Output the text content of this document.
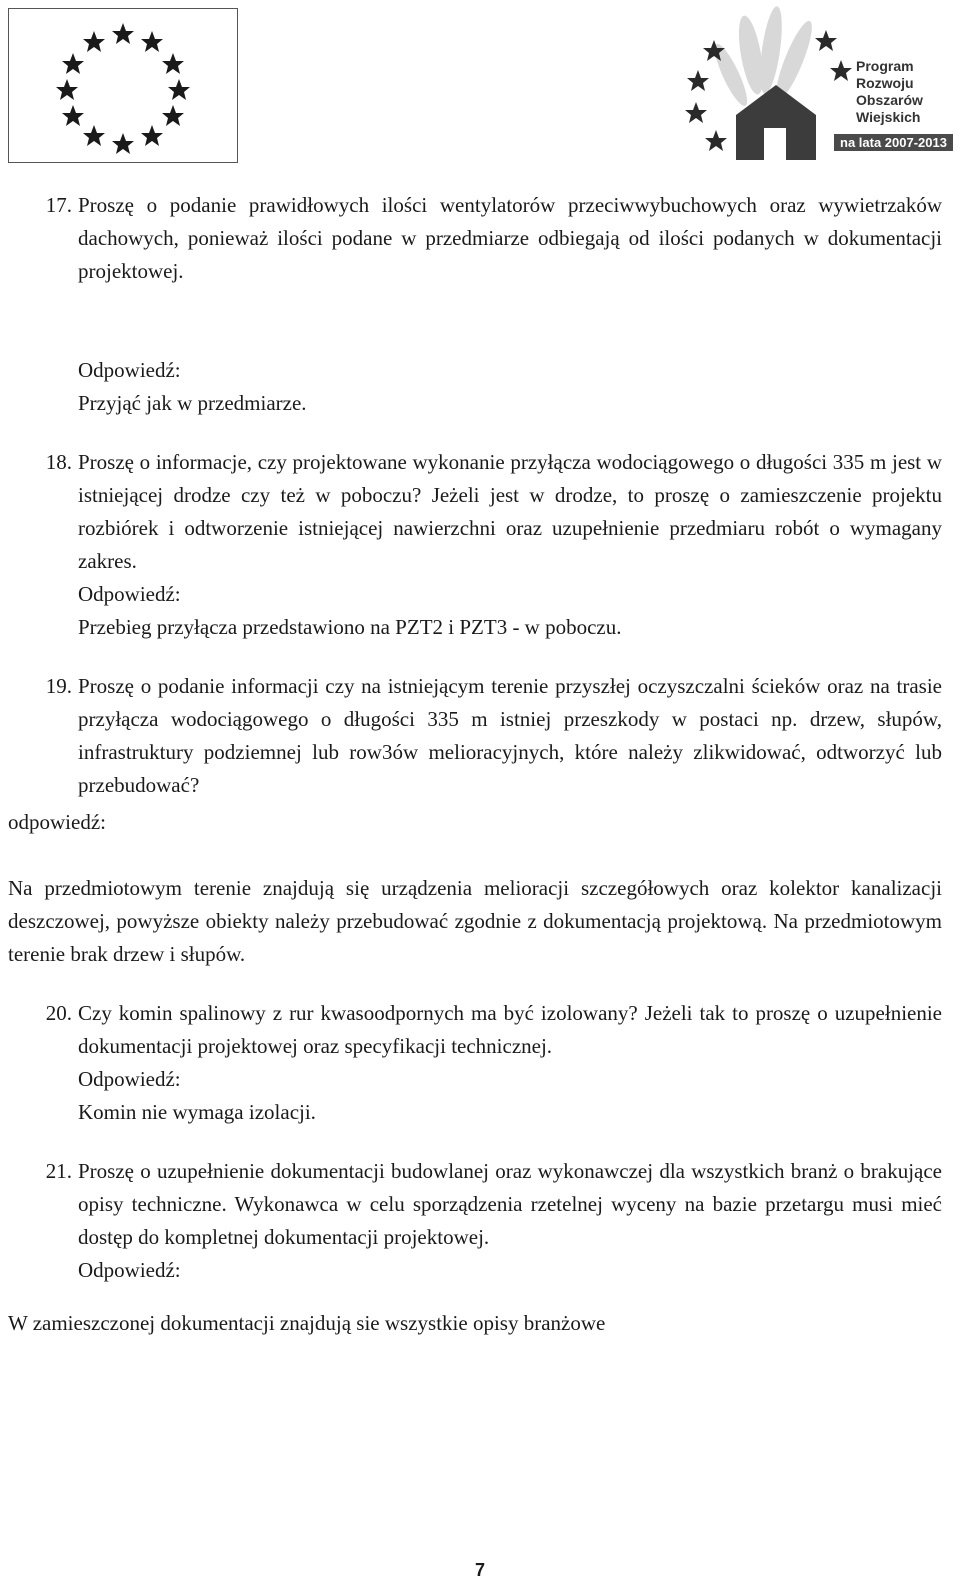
Program
Rozwoju
Obszarów
Wiejskich
na lata 2007-2013
17. Proszę o podanie prawidłowych ilości wentylatorów przeciwwybuchowych oraz wywietrzaków dachowych, ponieważ ilości podane w przedmiarze odbiegają od ilości podanych w dokumentacji projektowej.
Odpowiedź:
Przyjąć jak w przedmiarze.
18. Proszę o informacje, czy projektowane wykonanie przyłącza wodociągowego o długości 335 m jest w istniejącej drodze czy też w poboczu? Jeżeli jest w drodze, to proszę o zamieszczenie projektu rozbiórek i odtworzenie istniejącej nawierzchni oraz uzupełnienie przedmiaru robót o wymagany zakres.
Odpowiedź:
Przebieg przyłącza przedstawiono na PZT2 i PZT3 - w poboczu.
19. Proszę o podanie informacji czy na istniejącym terenie przyszłej oczyszczalni ścieków oraz na trasie przyłącza wodociągowego o długości 335 m istniej przeszkody w postaci np. drzew, słupów, infrastruktury podziemnej lub row3ów melioracyjnych, które należy zlikwidować, odtworzyć lub przebudować?
odpowiedź:
Na przedmiotowym terenie znajdują się urządzenia melioracji szczegółowych oraz kolektor kanalizacji deszczowej, powyższe obiekty należy przebudować zgodnie z dokumentacją projektową. Na przedmiotowym terenie brak drzew i słupów.
20. Czy komin spalinowy z rur kwasoodpornych ma być izolowany? Jeżeli tak to proszę o uzupełnienie dokumentacji projektowej oraz specyfikacji technicznej.
Odpowiedź:
Komin nie wymaga izolacji.
21. Proszę o uzupełnienie dokumentacji budowlanej oraz wykonawczej dla wszystkich branż o brakujące opisy techniczne. Wykonawca w celu sporządzenia rzetelnej wyceny na bazie przetargu musi mieć dostęp do kompletnej dokumentacji projektowej.
Odpowiedź:
W zamieszczonej dokumentacji znajdują sie wszystkie opisy branżowe
7
